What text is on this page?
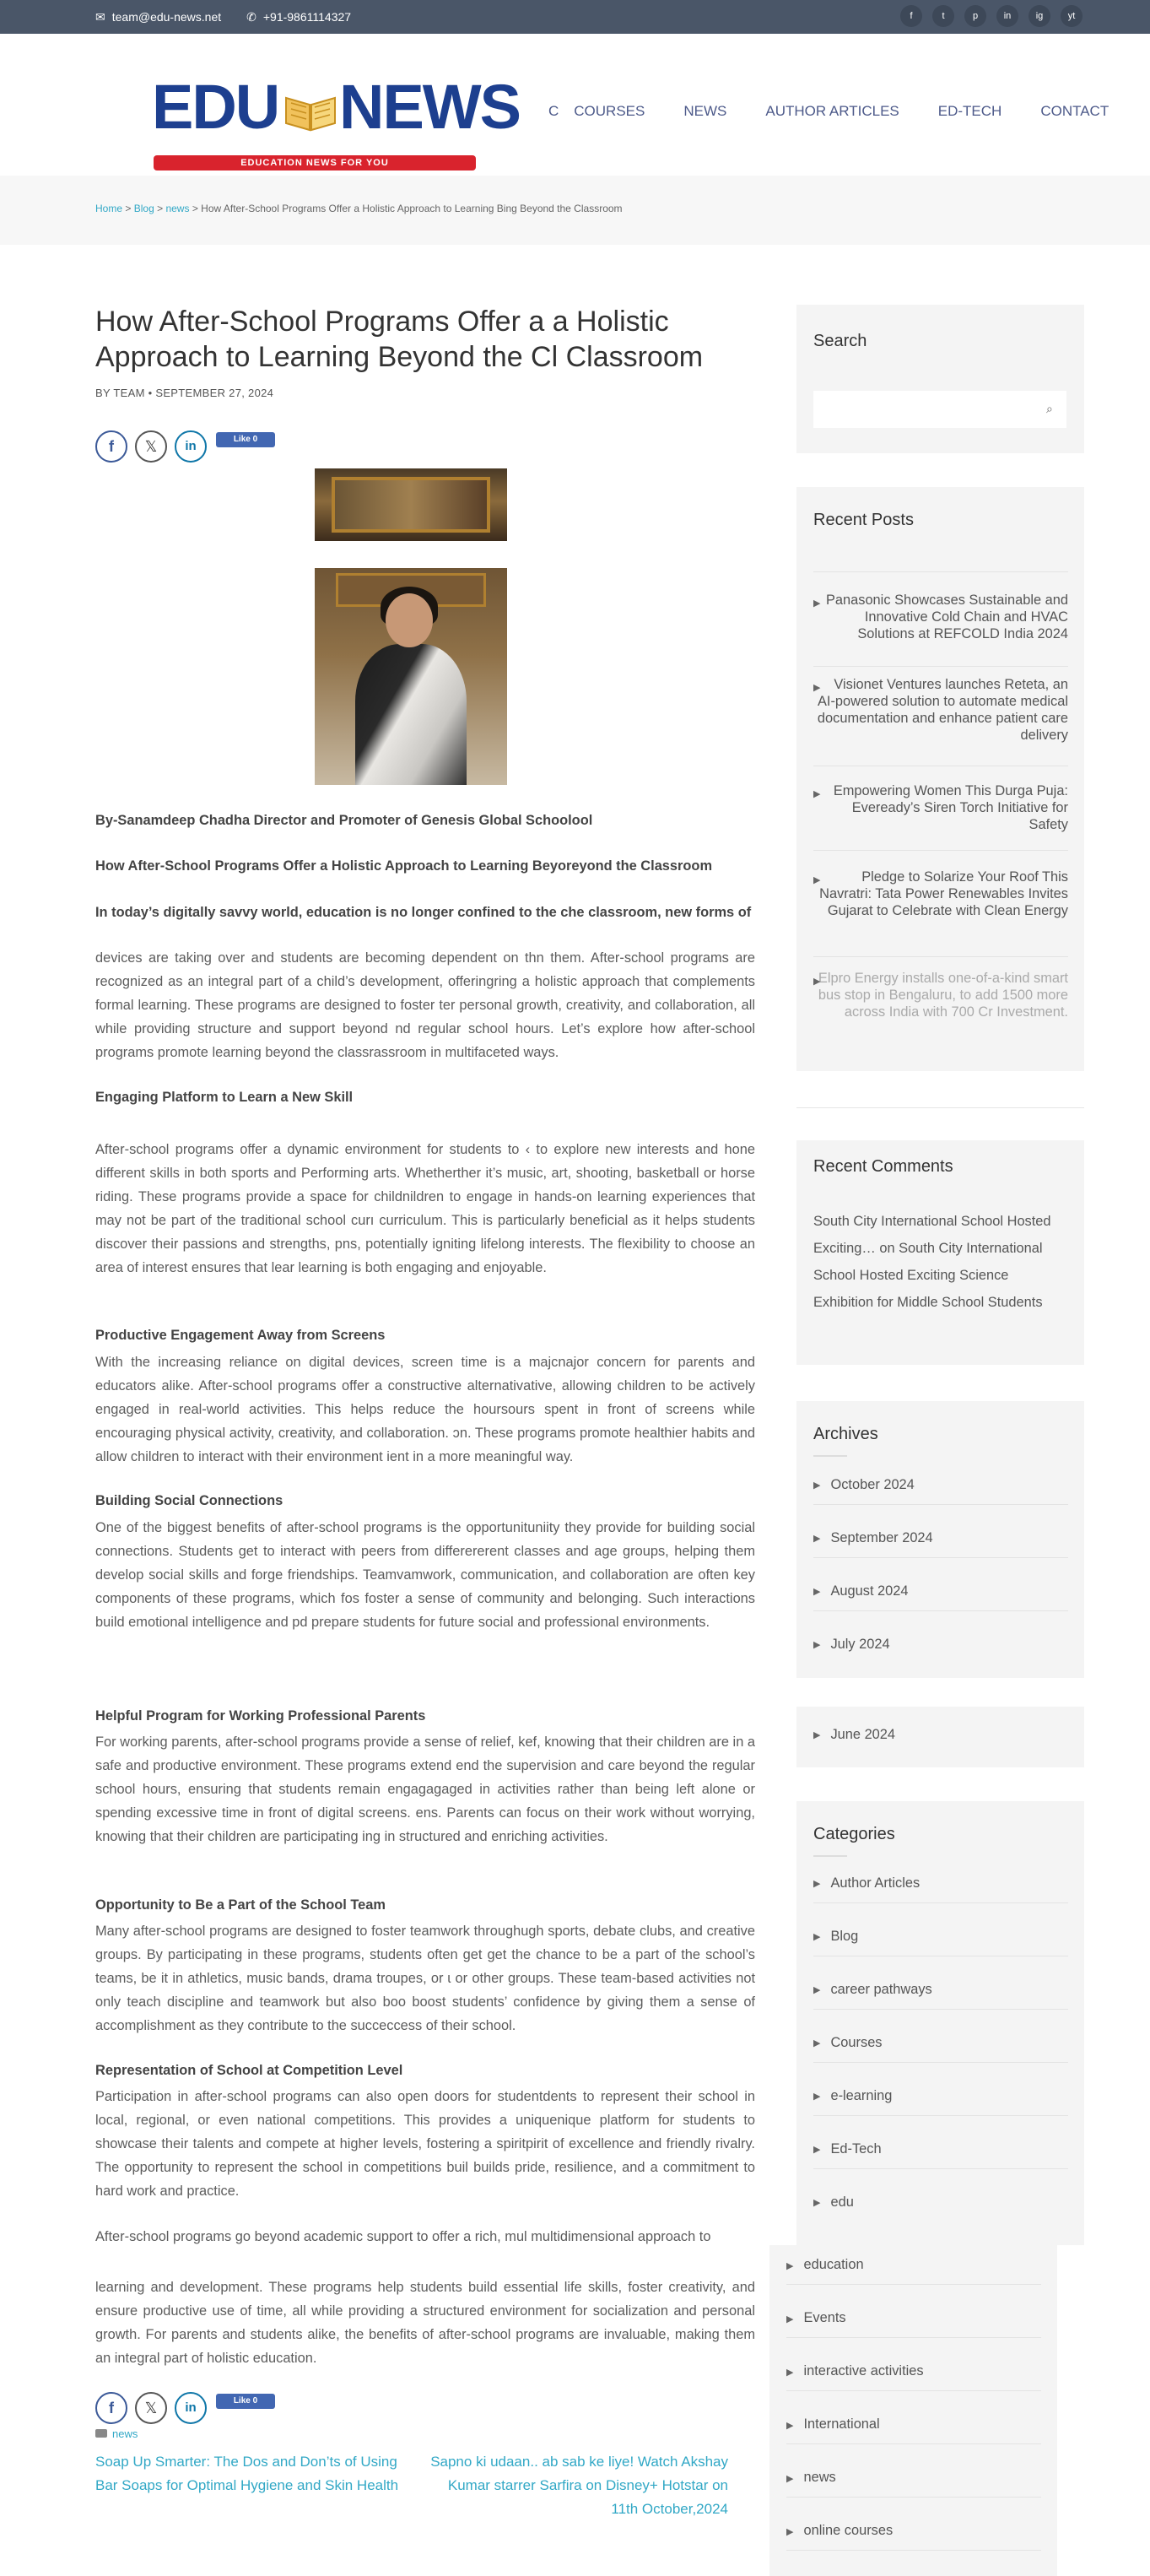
✉ team@edu-news.net ✆ +91-9861114327	f	t	p	in	ig	yt
EDU NEWS
EDUCATION NEWS FOR YOU
C COURSES	NEWS	AUTHOR ARTICLES	ED-TECH	CONTACT
Home > Blog > news > How After-School Programs Offer a Holistic Approach to Learning Bing Beyond the Classroom
How After-School Programs Offer a a Holistic
Approach to Learning Beyond the Cl Classroom
BY TEAM • SEPTEMBER 27, 2024
f	𝕏	in	Like 0
By-Sanamdeep Chadha Director and Promoter of Genesis Global Schoolool
How After-School Programs Offer a Holistic Approach to Learning Beyoreyond the Classroom
In today’s digitally savvy world, education is no longer confined to the che classroom, new forms of
devices are taking over and students are becoming dependent on thn them. After-school programs are recognized as an integral part of a child’s development, offeringring a holistic approach that complements formal learning. These programs are designed to foster ter personal growth, creativity, and collaboration, all while providing structure and support beyond nd regular school hours. Let’s explore how after-school programs promote learning beyond the classrassroom in multifaceted ways.
Engaging Platform to Learn a New Skill
After-school programs offer a dynamic environment for students to ‹ to explore new interests and hone different skills in both sports and Performing arts. Whetherther it’s music, art, shooting, basketball or horse riding. These programs provide a space for childnildren to engage in hands-on learning experiences that may not be part of the traditional school curı curriculum. This is particularly beneficial as it helps students discover their passions and strengths, pns, potentially igniting lifelong interests. The flexibility to choose an area of interest ensures that lear learning is both engaging and enjoyable.
Productive Engagement Away from Screens
With the increasing reliance on digital devices, screen time is a majcnajor concern for parents and educators alike. After-school programs offer a constructive alternativative, allowing children to be actively engaged in real-world activities. This helps reduce the hoursours spent in front of screens while encouraging physical activity, creativity, and collaboration. ɔn. These programs promote healthier habits and allow children to interact with their environment ient in a more meaningful way.
Building Social Connections
One of the biggest benefits of after-school programs is the opportunituniity they provide for building social connections. Students get to interact with peers from differererent classes and age groups, helping them develop social skills and forge friendships. Teamvamwork, communication, and collaboration are often key components of these programs, which fos foster a sense of community and belonging. Such interactions build emotional intelligence and pd prepare students for future social and professional environments.
Helpful Program for Working Professional Parents
For working parents, after-school programs provide a sense of relief, kef, knowing that their children are in a safe and productive environment. These programs extend end the supervision and care beyond the regular school hours, ensuring that students remain engagagaged in activities rather than being left alone or spending excessive time in front of digital screens. ens. Parents can focus on their work without worrying, knowing that their children are participating ing in structured and enriching activities.
Opportunity to Be a Part of the School Team
Many after-school programs are designed to foster teamwork throughugh sports, debate clubs, and creative groups. By participating in these programs, students often get get the chance to be a part of the school’s teams, be it in athletics, music bands, drama troupes, or ɩ or other groups. These team-based activities not only teach discipline and teamwork but also boo boost students’ confidence by giving them a sense of accomplishment as they contribute to the succeccess of their school.
Representation of School at Competition Level
Participation in after-school programs can also open doors for studentdents to represent their school in local, regional, or even national competitions. This provides a uniquenique platform for students to showcase their talents and compete at higher levels, fostering a spiritpirit of excellence and friendly rivalry. The opportunity to represent the school in competitions buil builds pride, resilience, and a commitment to hard work and practice.
After-school programs go beyond academic support to offer a rich, mul multidimensional approach to
learning and development. These programs help students build essential life skills, foster creativity, and ensure productive use of time, all while providing a structured environment for socialization and personal growth. For parents and students alike, the benefits of after-school programs are invaluable, making them an integral part of holistic education.
f	𝕏	in	Like 0
news
Soap Up Smarter: The Dos and Don’ts of Using Bar Soaps for Optimal Hygiene and Skin Health
Sapno ki udaan.. ab sab ke liye! Watch Akshay Kumar starrer Sarfira on Disney+ Hotstar on 11th October,2024
Search
⌕
Recent Posts
▶ Panasonic Showcases Sustainable and Innovative Cold Chain and HVAC Solutions at REFCOLD India 2024
▶ Visionet Ventures launches Reteta, an AI-powered solution to automate medical documentation and enhance patient care delivery
▶ Empowering Women This Durga Puja: Eveready’s Siren Torch Initiative for Safety
▶	Pledge to Solarize Your Roof This Navratri: Tata Power Renewables Invites Gujarat to Celebrate with Clean Energy
▶
Elpro Energy installs one-of-a-kind smart bus stop in Bengaluru, to add 1500 more across India with 700 Cr Investment.
Recent Comments
South City International School Hosted Exciting… on South City International School Hosted Exciting Science Exhibition for Middle School Students
Archives
▶ October 2024
▶ September 2024
▶ August 2024
▶ July 2024
▶ June 2024
Categories
▶ Author Articles
▶ Blog
▶ career pathways
▶ Courses
▶ e-learning
▶ Ed-Tech
▶ edu
▶ education
▶ Events
▶ interactive activities
▶ International
▶ news
▶ online courses
